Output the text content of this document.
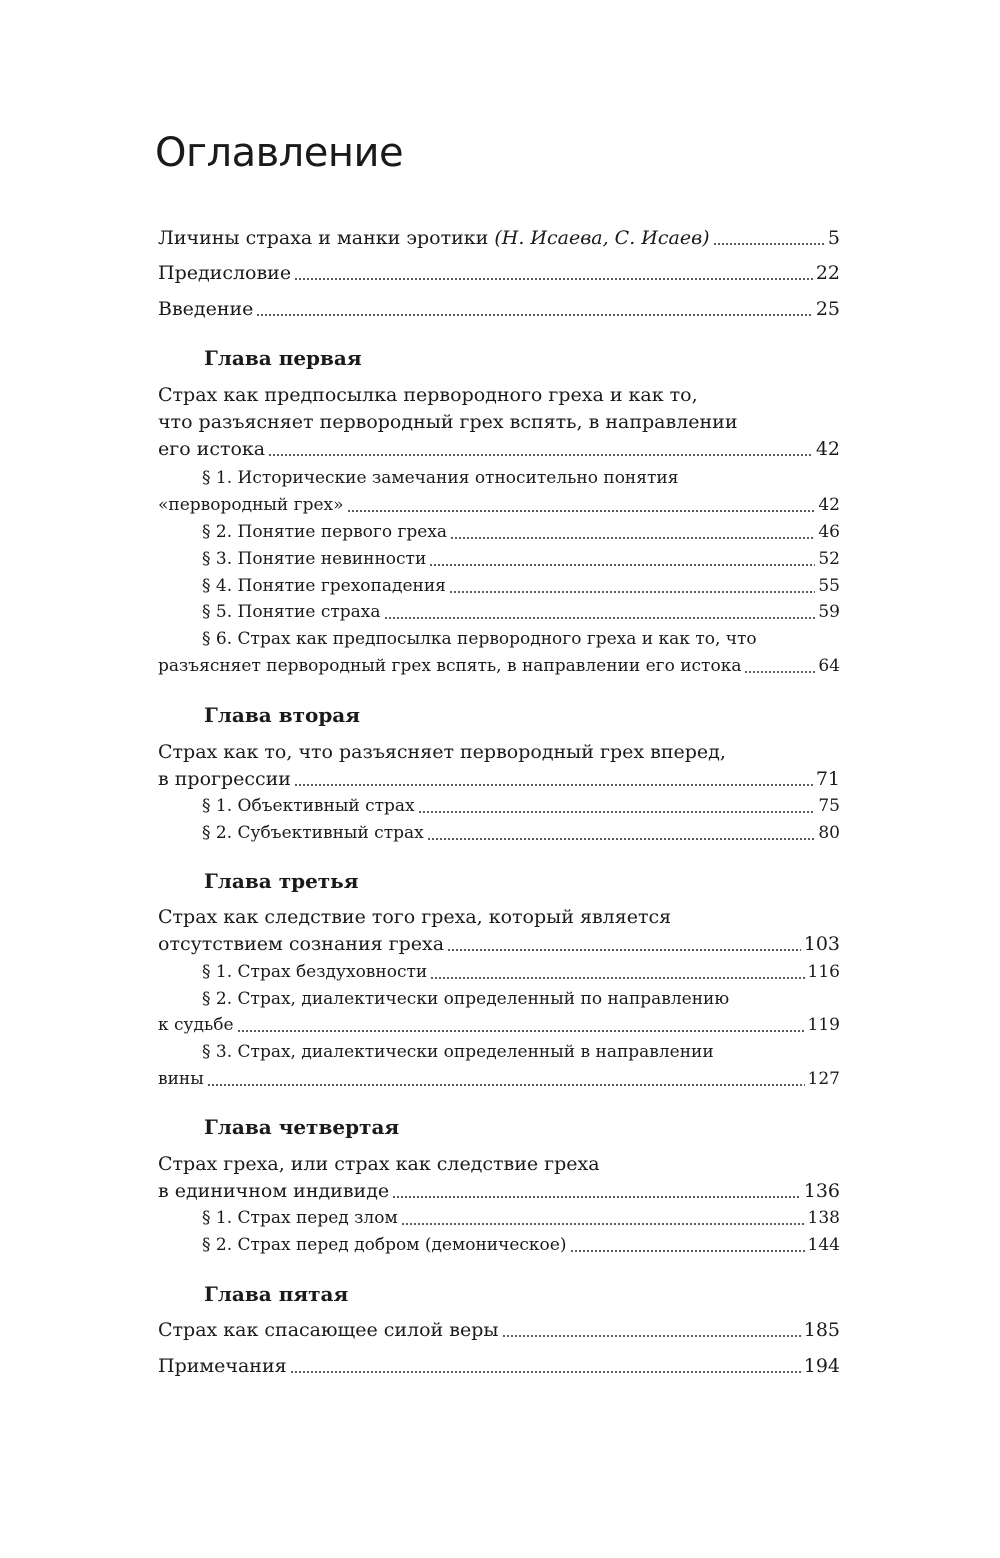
Оглавление
Личины страха и манки эротики (Н. Исаева, С. Исаев)	5
Предисловие	22
Введение	25
Глава первая
Страх как предпосылка первородного греха и как то,
что разъясняет первородный грех вспять, в направлении
его истока	42
§ 1. Исторические замечания относительно понятия
«первородный грех»	42
§ 2. Понятие первого греха	46
§ 3. Понятие невинности	52
§ 4. Понятие грехопадения	55
§ 5. Понятие страха	59
§ 6. Страх как предпосылка первородного греха и как то, что
разъясняет первородный грех вспять, в направлении его истока	64
Глава вторая
Страх как то, что разъясняет первородный грех вперед,
в прогрессии	71
§ 1. Объективный страх	75
§ 2. Субъективный страх	80
Глава третья
Страх как следствие того греха, который является
отсутствием сознания греха	103
§ 1. Страх бездуховности	116
§ 2. Страх, диалектически определенный по направлению
к судьбе	119
§ 3. Страх, диалектически определенный в направлении
вины	127
Глава четвертая
Страх греха, или страх как следствие греха
в единичном индивиде	136
§ 1. Страх перед злом	138
§ 2. Страх перед добром (демоническое)	144
Глава пятая
Страх как спасающее силой веры	185
Примечания	194
